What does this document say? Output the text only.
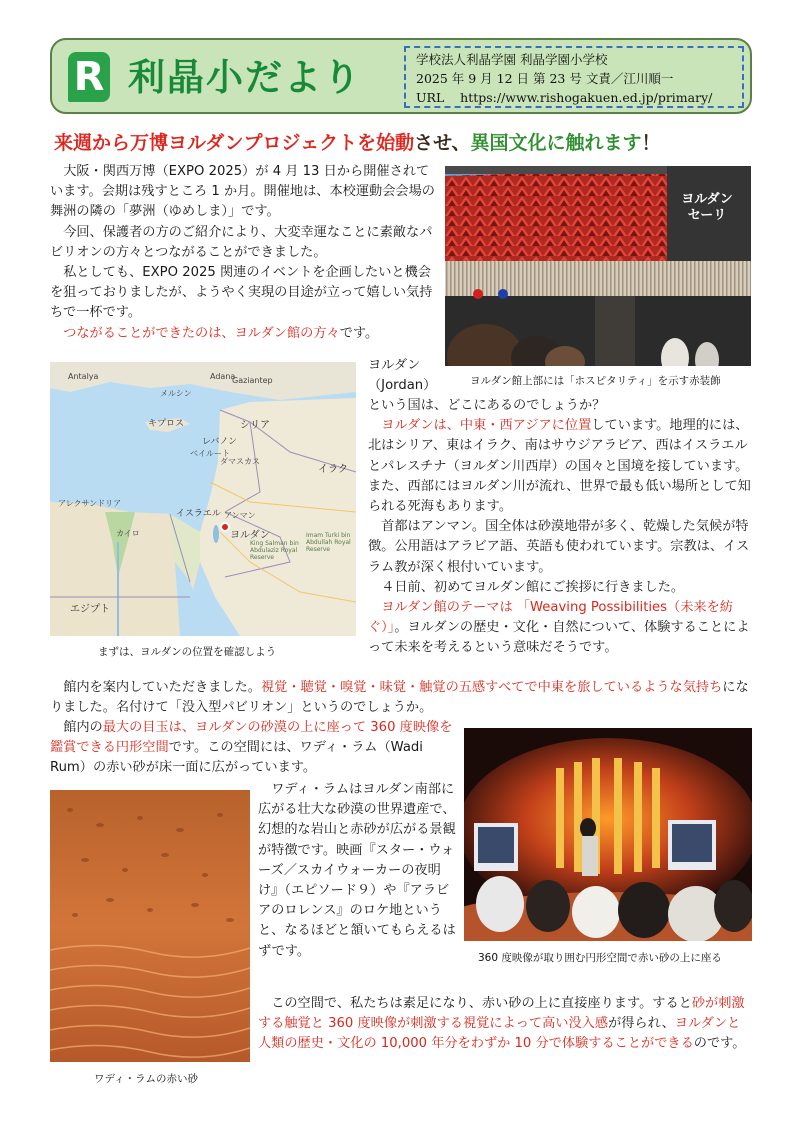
R 利晶小だより	学校法人利晶学園 利晶学園小学校
2025 年 9 月 12 日 第 23 号 文責／江川順一
URL https://www.rishogakuen.ed.jp/primary/
来週から万博ヨルダンプロジェクトを始動させ、異国文化に触れます！

大阪・関西万博（EXPO 2025）が 4 月 13 日から開催されています。会期は残すところ 1 か月。開催地は、本校運動会会場の舞洲の隣の「夢洲（ゆめしま）」です。

今回、保護者の方のご紹介により、大変幸運なことに素敵なパビリオンの方々とつながることができました。

私としても、EXPO 2025 関連のイベントを企画したいと機会を狙っておりましたが、ようやく実現の目途が立って嬉しい気持ちで一杯です。

つながることができたのは、ヨルダン館の方々です。

ヨルダン
セーリ
ヨルダン館上部には「ホスピタリティ」を示す赤装飾
Antalya	Adana
Gaziantep
メルシン
キプロス	シリア
レバノン
ベイルート
ダマスカス
イラク
イスラエル アンマン
ヨルダン
アレクサンドリア
カイロ
エジプト
King Salman bin Abdulaziz Royal Reserve
Imam Turki bin Abdullah Royal Reserve
まずは、ヨルダンの位置を確認しよう
ヨルダン
（Jordan）

という国は、どこにあるのでしょうか？

ヨルダンは、中東・西アジアに位置しています。地理的には、北はシリア、東はイラク、南はサウジアラビア、西はイスラエルとパレスチナ（ヨルダン川西岸）の国々と国境を接しています。また、西部にはヨルダン川が流れ、世界で最も低い場所として知られる死海もあります。

首都はアンマン。国全体は砂漠地帯が多く、乾燥した気候が特徴。公用語はアラビア語、英語も使われています。宗教は、イスラム教が深く根付いています。

４日前、初めてヨルダン館にご挨拶に行きました。

ヨルダン館のテーマは 「Weaving Possibilities（未来を紡ぐ）」。ヨルダンの歴史・文化・自然について、体験することによって未来を考えるという意味だそうです。

館内を案内していただきました。視覚・聴覚・嗅覚・味覚・触覚の五感すべてで中東を旅しているような気持ちになりました。名付けて「没入型パビリオン」というのでしょうか。

館内の最大の目玉は、ヨルダンの砂漠の上に座って 360 度映像を鑑賞できる円形空間です。この空間には、ワディ・ラム（Wadi Rum）の赤い砂が床一面に広がっています。

360 度映像が取り囲む円形空間で赤い砂の上に座る
ワディ・ラムの赤い砂

ワディ・ラムはヨルダン南部に広がる壮大な砂漠の世界遺産で、幻想的な岩山と赤砂が広がる景観が特徴です。映画『スター・ウォーズ／スカイウォーカーの夜明け』（エピソード９）や『アラビアのロレンス』のロケ地というと、なるほどと頷いてもらえるはずです。

この空間で、私たちは素足になり、赤い砂の上に直接座ります。すると砂が刺激する触覚と 360 度映像が刺激する視覚によって高い没入感が得られ、ヨルダンと人類の歴史・文化の 10,000 年分をわずか 10 分で体験することができるのです。
